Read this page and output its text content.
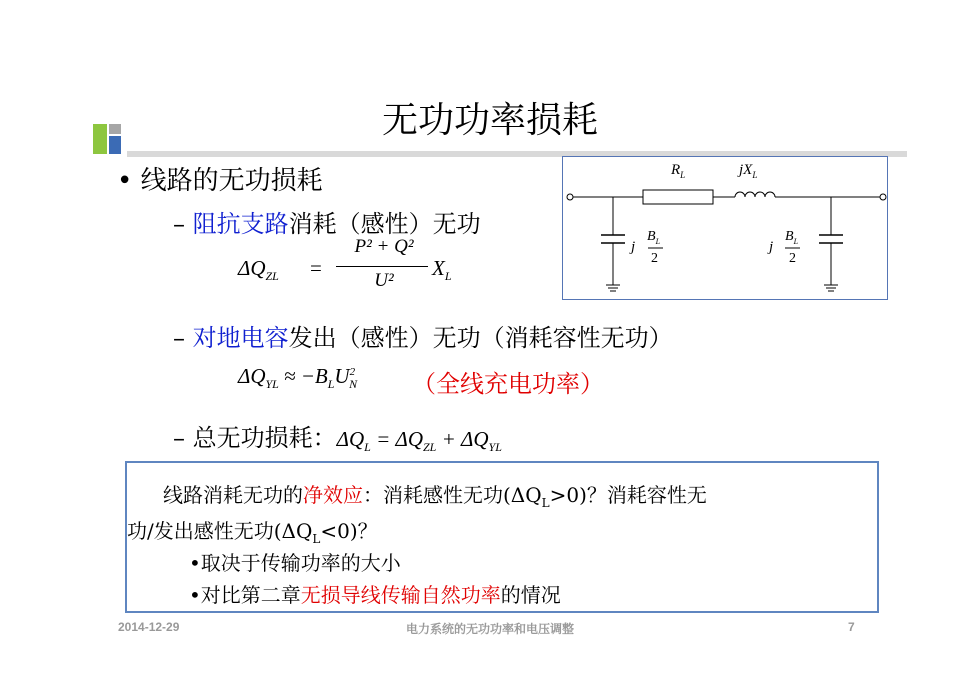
无功功率损耗
• 线路的无功损耗
– 阻抗支路消耗（感性）无功
$\Delta Q_{ZL}$ =
P² + Q²
U²
$X_L$
– 对地电容发出（感性）无功（消耗容性无功）
$\Delta Q_{YL} \approx -B_LU^2_N$ （全线充电功率）
– 总无功损耗：$\Delta Q_L = \Delta Q_{ZL} + \Delta Q_{YL}$
$R_L$	$jX_L$
j
$B_L$
2
j
$B_L$
2
线路消耗无功的净效应：消耗感性无功$(\Delta Q_L>0)$？消耗容性无
功/发出感性无功$(\Delta Q_L<0)$？
•取决于传输功率的大小
•对比第二章无损导线传输自然功率的情况
2014-12-29	电力系统的无功功率和电压调整	7
